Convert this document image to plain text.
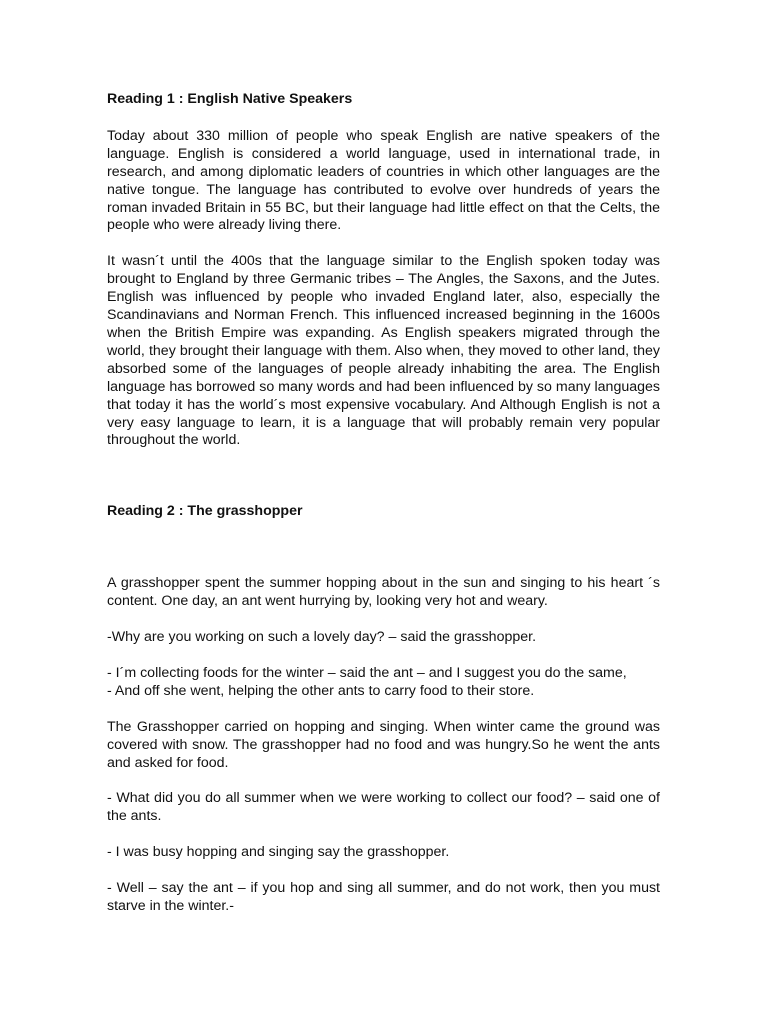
Reading 1 : English Native Speakers

Today about 330 million of people who speak English are native speakers of the language. English is considered a world language, used in international trade, in research, and among diplomatic leaders of countries in which other languages are the native tongue. The language has contributed to evolve over hundreds of years the roman invaded Britain in 55 BC, but their language had little effect on that the Celts, the people who were already living there.

It wasn´t until the 400s that the language similar to the English spoken today was brought to England by three Germanic tribes – The Angles, the Saxons, and the Jutes. English was influenced by people who invaded England later, also, especially the Scandinavians and Norman French. This influenced increased beginning in the 1600s when the British Empire was expanding. As English speakers migrated through the world, they brought their language with them. Also when, they moved to other land, they absorbed some of the languages of people already inhabiting the area. The English language has borrowed so many words and had been influenced by so many languages that today it has the world´s most expensive vocabulary. And Although English is not a very easy language to learn, it is a language that will probably remain very popular throughout the world.

Reading 2 : The grasshopper

A grasshopper spent the summer hopping about in the sun and singing to his heart ´s content. One day, an ant went hurrying by, looking very hot and weary.

-Why are you working on such a lovely day? – said the grasshopper.

- I´m collecting foods for the winter – said the ant – and I suggest you do the same,

- And off she went, helping the other ants to carry food to their store.

The Grasshopper carried on hopping and singing. When winter came the ground was covered with snow. The grasshopper had no food and was hungry.So he went the ants and asked for food.

- What did you do all summer when we were working to collect our food? – said one of the ants.

- I was busy hopping and singing say the grasshopper.

- Well – say the ant – if you hop and sing all summer, and do not work, then you must starve in the winter.-
